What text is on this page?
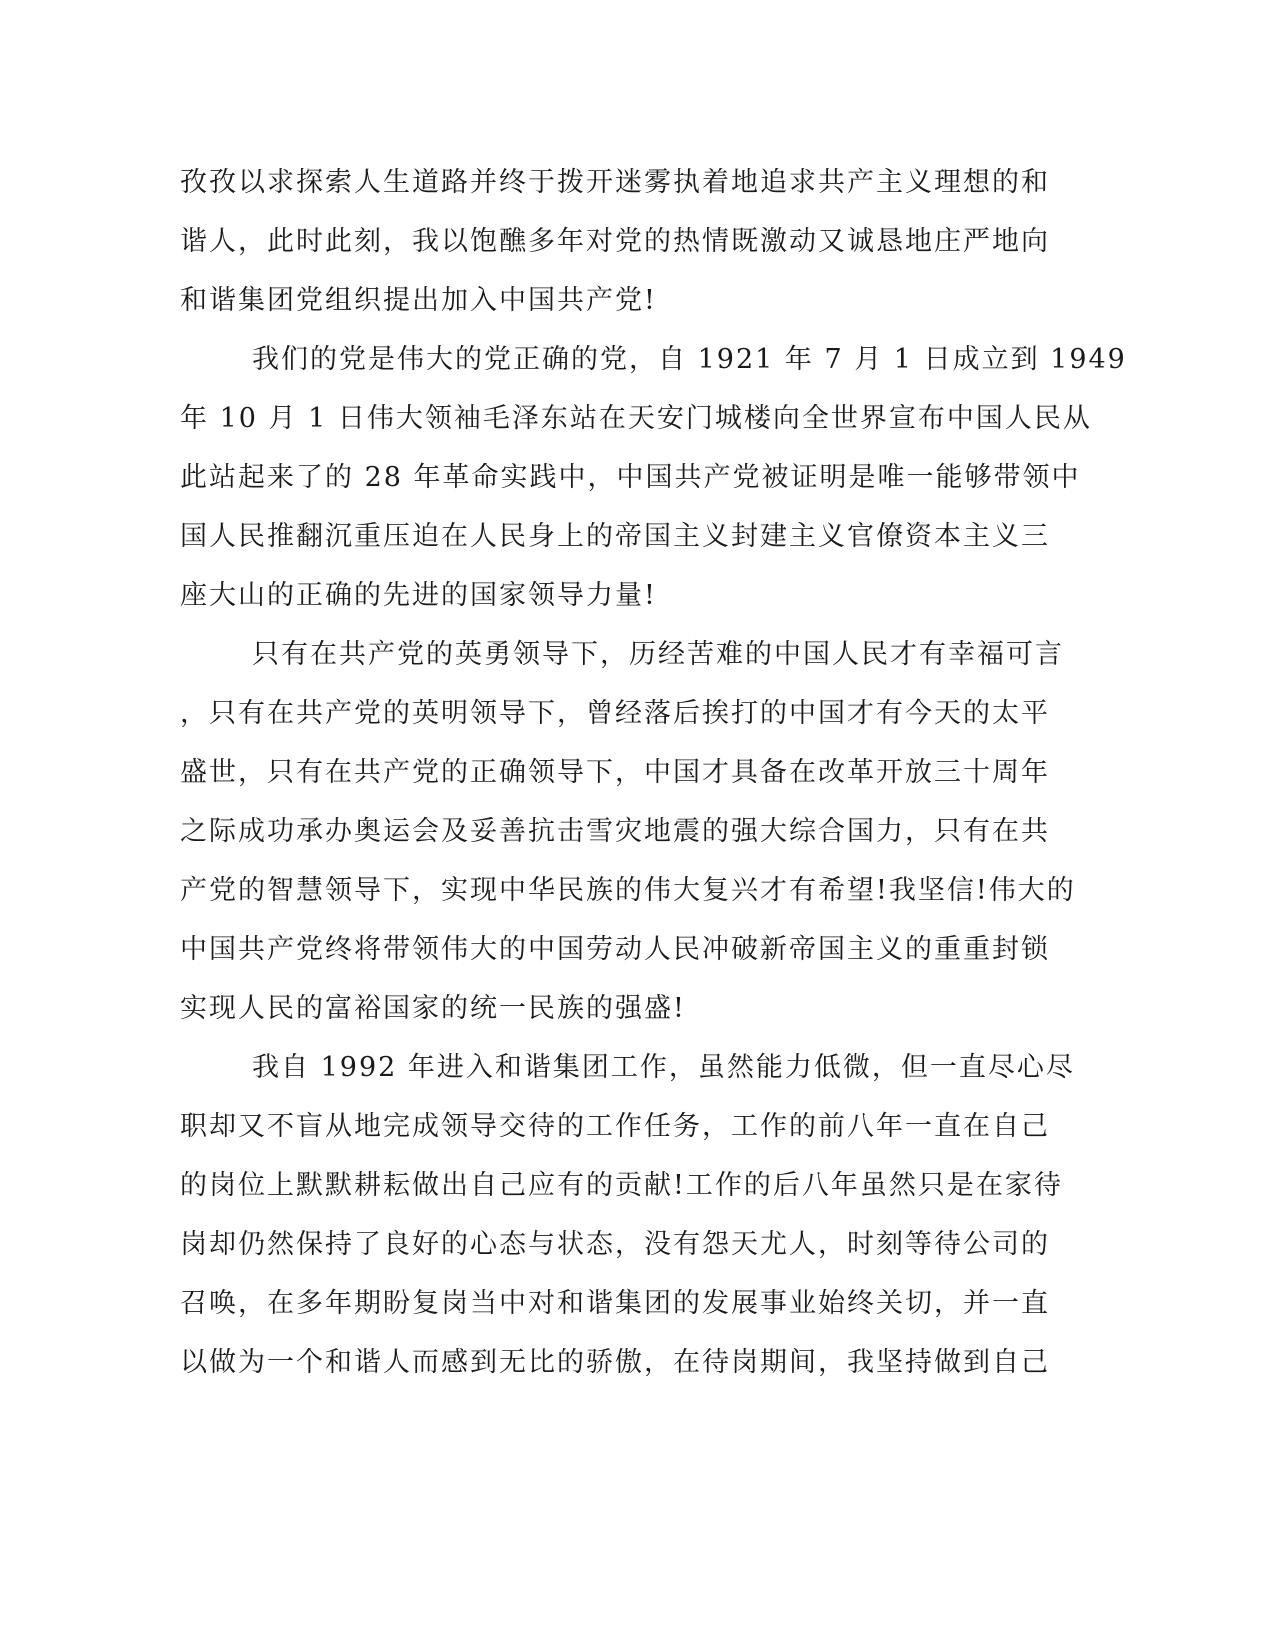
孜孜以求探索人生道路并终于拨开迷雾执着地追求共产主义理想的和
谐人，此时此刻，我以饱醮多年对党的热情既激动又诚恳地庄严地向
和谐集团党组织提出加入中国共产党!
我们的党是伟大的党正确的党，自 1921 年 7 月 1 日成立到 1949
年 10 月 1 日伟大领袖毛泽东站在天安门城楼向全世界宣布中国人民从
此站起来了的 28 年革命实践中，中国共产党被证明是唯一能够带领中
国人民推翻沉重压迫在人民身上的帝国主义封建主义官僚资本主义三
座大山的正确的先进的国家领导力量!
只有在共产党的英勇领导下，历经苦难的中国人民才有幸福可言
，只有在共产党的英明领导下，曾经落后挨打的中国才有今天的太平
盛世，只有在共产党的正确领导下，中国才具备在改革开放三十周年
之际成功承办奥运会及妥善抗击雪灾地震的强大综合国力，只有在共
产党的智慧领导下，实现中华民族的伟大复兴才有希望!我坚信!伟大的
中国共产党终将带领伟大的中国劳动人民冲破新帝国主义的重重封锁
实现人民的富裕国家的统一民族的强盛!
我自 1992 年进入和谐集团工作，虽然能力低微，但一直尽心尽
职却又不盲从地完成领导交待的工作任务，工作的前八年一直在自己
的岗位上默默耕耘做出自己应有的贡献!工作的后八年虽然只是在家待
岗却仍然保持了良好的心态与状态，没有怨天尤人，时刻等待公司的
召唤，在多年期盼复岗当中对和谐集团的发展事业始终关切，并一直
以做为一个和谐人而感到无比的骄傲，在待岗期间，我坚持做到自己
